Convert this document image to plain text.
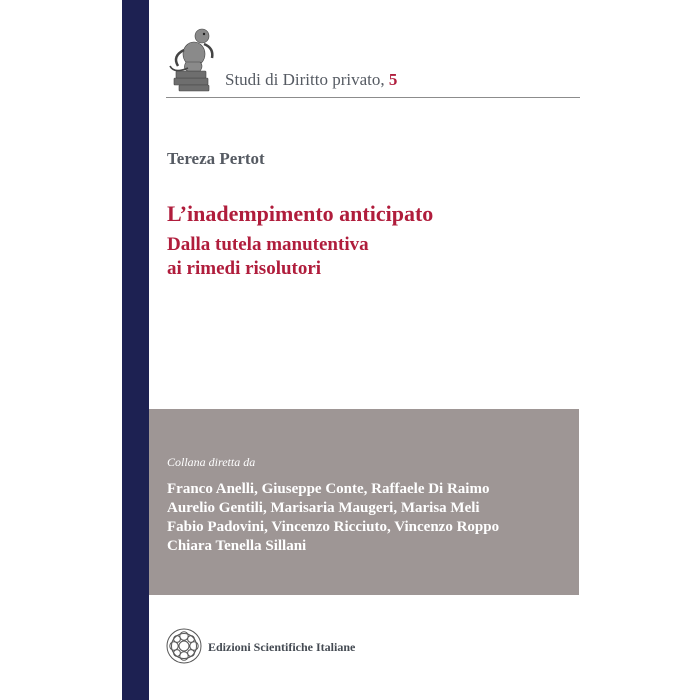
Studi di Diritto privato, 5
Tereza Pertot
L’inadempimento anticipato
Dalla tutela manutentiva
ai rimedi risolutori
Collana diretta da
Franco Anelli, Giuseppe Conte, Raffaele Di Raimo
Aurelio Gentili, Marisaria Maugeri, Marisa Meli
Fabio Padovini, Vincenzo Ricciuto, Vincenzo Roppo
Chiara Tenella Sillani
Edizioni Scientifiche Italiane
